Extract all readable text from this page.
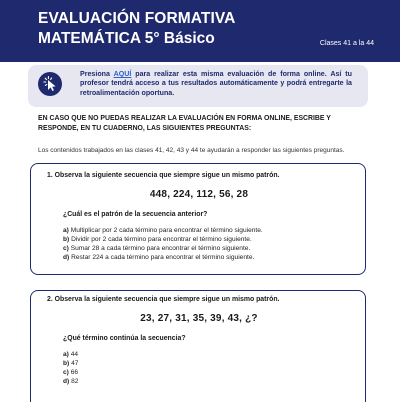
EVALUACIÓN FORMATIVA
MATEMÁTICA 5° Básico	Clases 41 a la 44
Presiona AQUÍ para realizar esta misma evaluación de forma online. Así tu profesor tendrá acceso a tus resultados automáticamente y podrá entregarte la retroalimentación oportuna.
EN CASO QUE NO PUEDAS REALIZAR LA EVALUACIÓN EN FORMA ONLINE, ESCRIBE Y RESPONDE, EN TU CUADERNO, LAS SIGUIENTES PREGUNTAS:
Los contenidos trabajados en las clases 41, 42, 43 y 44 te ayudarán a responder las siguientes preguntas.
1. Observa la siguiente secuencia que siempre sigue un mismo patrón.
448, 224, 112, 56, 28
¿Cuál es el patrón de la secuencia anterior?
a) Multiplicar por 2 cada término para encontrar el término siguiente.
b) Dividir por 2 cada término para encontrar el término siguiente.
c) Sumar 28 a cada término para encontrar el término siguiente.
d) Restar 224 a cada término para encontrar el término siguiente.
2. Observa la siguiente secuencia que siempre sigue un mismo patrón.
23, 27, 31, 35, 39, 43, ¿?
¿Qué término continúa la secuencia?
a) 44
b) 47
c) 66
d) 82
